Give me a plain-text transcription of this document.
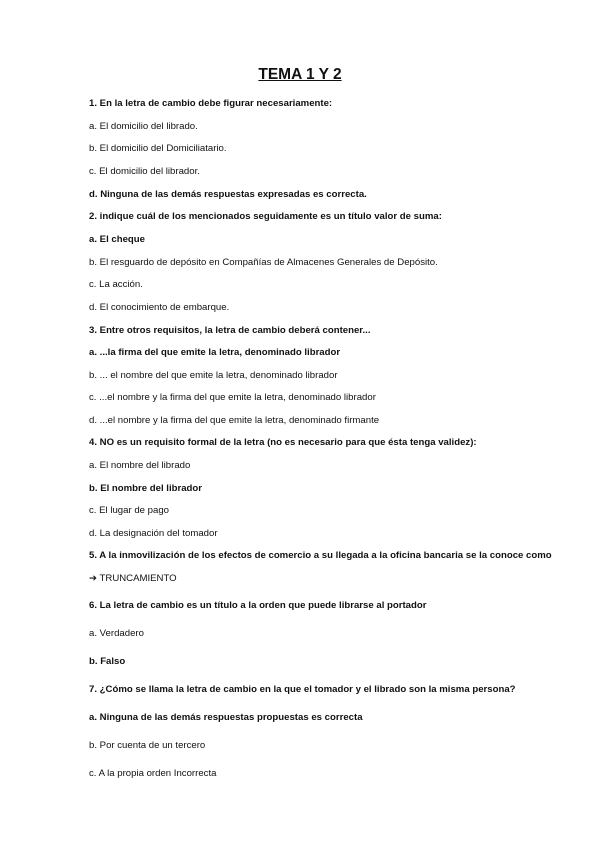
TEMA 1 Y 2
1. En la letra de cambio debe figurar necesariamente:
a. El domicilio del librado.
b. El domicilio del Domiciliatario.
c. El domicilio del librador.
d. Ninguna de las demás respuestas expresadas es correcta.
2. indique cuál de los mencionados seguidamente es un título valor de suma:
a. El cheque
b. El resguardo de depósito en Compañías de Almacenes Generales de Depósito.
c. La acción.
d. El conocimiento de embarque.
3. Entre otros requisitos, la letra de cambio deberá contener...
a. ...la firma del que emite la letra, denominado librador
b. ... el nombre del que emite la letra, denominado librador
c. ...el nombre y la firma del que emite la letra, denominado librador
d. ...el nombre y la firma del que emite la letra, denominado firmante
4. NO es un requisito formal de la letra (no es necesario para que ésta tenga validez):
a. El nombre del librado
b. El nombre del librador
c. El lugar de pago
d. La designación del tomador
5. A la inmovilización de los efectos de comercio a su llegada a la oficina bancaria se la conoce como
➔ TRUNCAMIENTO
6. La letra de cambio es un título a la orden que puede librarse al portador
a. Verdadero
b. Falso
7. ¿Cómo se llama la letra de cambio en la que el tomador y el librado son la misma persona?
a. Ninguna de las demás respuestas propuestas es correcta
b. Por cuenta de un tercero
c. A la propia orden Incorrecta
